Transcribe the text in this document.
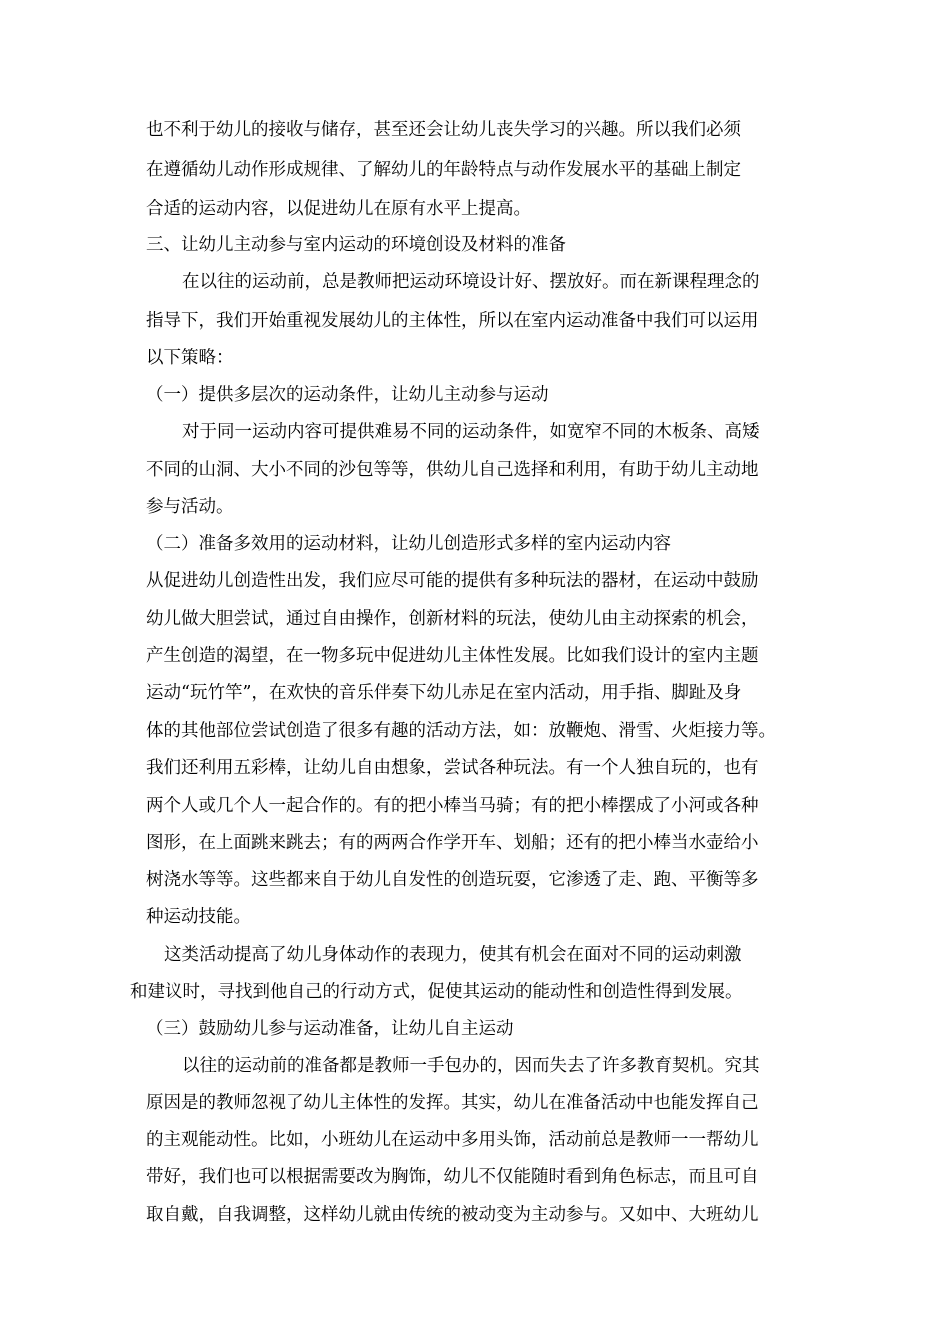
也不利于幼儿的接收与储存，甚至还会让幼儿丧失学习的兴趣。所以我们必须
在遵循幼儿动作形成规律、了解幼儿的年龄特点与动作发展水平的基础上制定
合适的运动内容，以促进幼儿在原有水平上提高。
三、让幼儿主动参与室内运动的环境创设及材料的准备
在以往的运动前，总是教师把运动环境设计好、摆放好。而在新课程理念的
指导下，我们开始重视发展幼儿的主体性，所以在室内运动准备中我们可以运用
以下策略：
（一）提供多层次的运动条件，让幼儿主动参与运动
对于同一运动内容可提供难易不同的运动条件，如宽窄不同的木板条、高矮
不同的山洞、大小不同的沙包等等，供幼儿自己选择和利用，有助于幼儿主动地
参与活动。
（二）准备多效用的运动材料，让幼儿创造形式多样的室内运动内容
从促进幼儿创造性出发，我们应尽可能的提供有多种玩法的器材，在运动中鼓励
幼儿做大胆尝试，通过自由操作，创新材料的玩法，使幼儿由主动探索的机会，
产生创造的渴望，在一物多玩中促进幼儿主体性发展。比如我们设计的室内主题
运动“玩竹竿”，在欢快的音乐伴奏下幼儿赤足在室内活动，用手指、脚趾及身
体的其他部位尝试创造了很多有趣的活动方法，如：放鞭炮、滑雪、火炬接力等。
我们还利用五彩棒，让幼儿自由想象，尝试各种玩法。有一个人独自玩的，也有
两个人或几个人一起合作的。有的把小棒当马骑；有的把小棒摆成了小河或各种
图形，在上面跳来跳去；有的两两合作学开车、划船；还有的把小棒当水壶给小
树浇水等等。这些都来自于幼儿自发性的创造玩耍，它渗透了走、跑、平衡等多
种运动技能。
这类活动提高了幼儿身体动作的表现力，使其有机会在面对不同的运动刺激
和建议时，寻找到他自己的行动方式，促使其运动的能动性和创造性得到发展。
（三）鼓励幼儿参与运动准备，让幼儿自主运动
以往的运动前的准备都是教师一手包办的，因而失去了许多教育契机。究其
原因是的教师忽视了幼儿主体性的发挥。其实，幼儿在准备活动中也能发挥自己
的主观能动性。比如，小班幼儿在运动中多用头饰，活动前总是教师一一帮幼儿
带好，我们也可以根据需要改为胸饰，幼儿不仅能随时看到角色标志，而且可自
取自戴，自我调整，这样幼儿就由传统的被动变为主动参与。又如中、大班幼儿
